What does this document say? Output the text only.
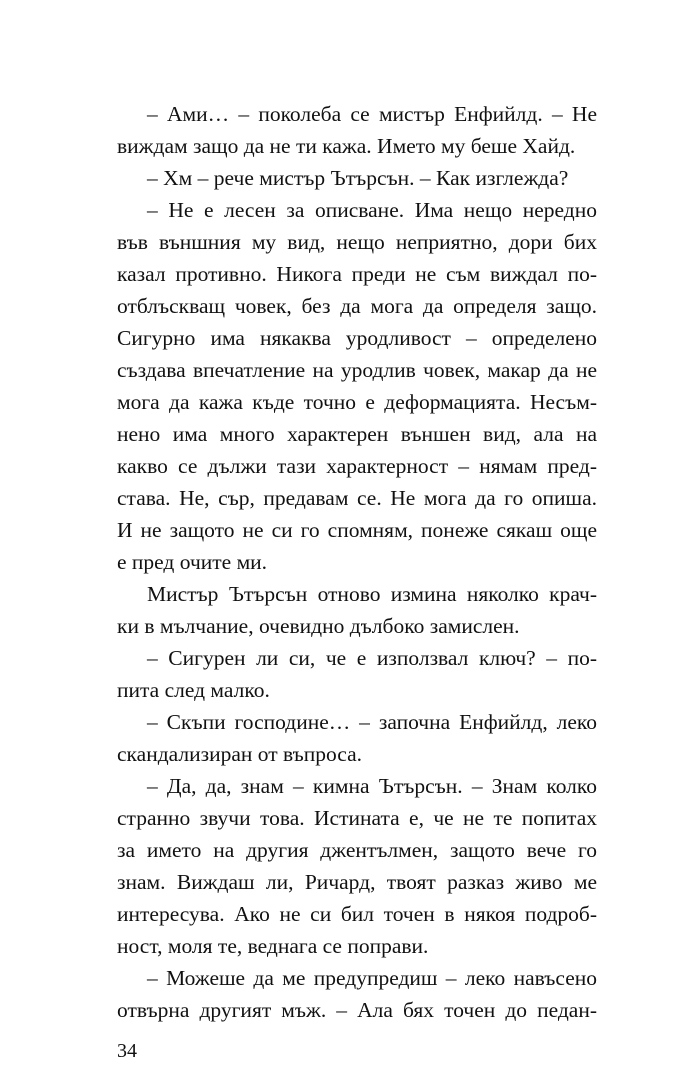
– Ами… – поколеба се мистър Енфийлд. – Не
виждам защо да не ти кажа. Името му беше Хайд.
– Хм – рече мистър Ътърсън. – Как изглежда?
– Не е лесен за описване. Има нещо нередно
във външния му вид, нещо неприятно, дори бих
казал противно. Никога преди не съм виждал по-
отблъскващ човек, без да мога да определя защо.
Сигурно има някаква уродливост – определено
създава впечатление на уродлив човек, макар да не
мога да кажа къде точно е деформацията. Несъм-
нено има много характерен външен вид, ала на
какво се дължи тази характерност – нямам пред-
става. Не, сър, предавам се. Не мога да го опиша.
И не защото не си го спомням, понеже сякаш още
е пред очите ми.
Мистър Ътърсън отново измина няколко крач-
ки в мълчание, очевидно дълбоко замислен.
– Сигурен ли си, че е използвал ключ? – по-
пита след малко.
– Скъпи господине… – започна Енфийлд, леко
скандализиран от въпроса.
– Да, да, знам – кимна Ътърсън. – Знам колко
странно звучи това. Истината е, че не те попитах
за името на другия джентълмен, защото вече го
знам. Виждаш ли, Ричард, твоят разказ живо ме
интересува. Ако не си бил точен в някоя подроб-
ност, моля те, веднага се поправи.
– Можеше да ме предупредиш – леко навъсено
отвърна другият мъж. – Ала бях точен до педан-
34
